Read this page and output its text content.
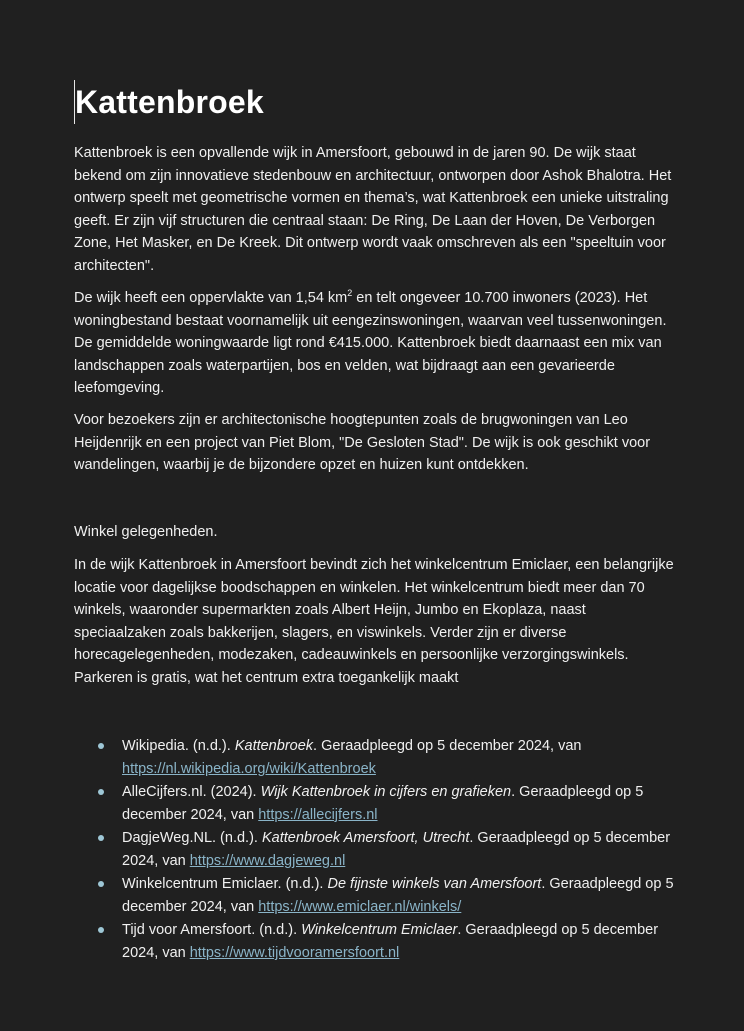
Kattenbroek

Kattenbroek is een opvallende wijk in Amersfoort, gebouwd in de jaren 90. De wijk staat bekend om zijn innovatieve stedenbouw en architectuur, ontworpen door Ashok Bhalotra. Het ontwerp speelt met geometrische vormen en thema’s, wat Kattenbroek een unieke uitstraling geeft. Er zijn vijf structuren die centraal staan: De Ring, De Laan der Hoven, De Verborgen Zone, Het Masker, en De Kreek. Dit ontwerp wordt vaak omschreven als een "speeltuin voor architecten".

De wijk heeft een oppervlakte van 1,54 $km^2$ en telt ongeveer 10.700 inwoners (2023). Het woningbestand bestaat voornamelijk uit eengezinswoningen, waarvan veel tussenwoningen. De gemiddelde woningwaarde ligt rond €415.000. Kattenbroek biedt daarnaast een mix van landschappen zoals waterpartijen, bos en velden, wat bijdraagt aan een gevarieerde leefomgeving.

Voor bezoekers zijn er architectonische hoogtepunten zoals de brugwoningen van Leo Heijdenrijk en een project van Piet Blom, "De Gesloten Stad". De wijk is ook geschikt voor wandelingen, waarbij je de bijzondere opzet en huizen kunt ontdekken.

Winkel gelegenheden.

In de wijk Kattenbroek in Amersfoort bevindt zich het winkelcentrum Emiclaer, een belangrijke locatie voor dagelijkse boodschappen en winkelen. Het winkelcentrum biedt meer dan 70 winkels, waaronder supermarkten zoals Albert Heijn, Jumbo en Ekoplaza, naast speciaalzaken zoals bakkerijen, slagers, en viswinkels. Verder zijn er diverse horecagelegenheden, modezaken, cadeauwinkels en persoonlijke verzorgingswinkels. Parkeren is gratis, wat het centrum extra toegankelijk maakt

Wikipedia. (n.d.). Kattenbroek. Geraadpleegd op 5 december 2024, van https://nl.wikipedia.org/wiki/Kattenbroek
AlleCijfers.nl. (2024). Wijk Kattenbroek in cijfers en grafieken. Geraadpleegd op 5 december 2024, van https://allecijfers.nl
DagjeWeg.NL. (n.d.). Kattenbroek Amersfoort, Utrecht. Geraadpleegd op 5 december 2024, van https://www.dagjeweg.nl
Winkelcentrum Emiclaer. (n.d.). De fijnste winkels van Amersfoort. Geraadpleegd op 5 december 2024, van https://www.emiclaer.nl/winkels/
Tijd voor Amersfoort. (n.d.). Winkelcentrum Emiclaer. Geraadpleegd op 5 december 2024, van https://www.tijdvooramersfoort.nl
